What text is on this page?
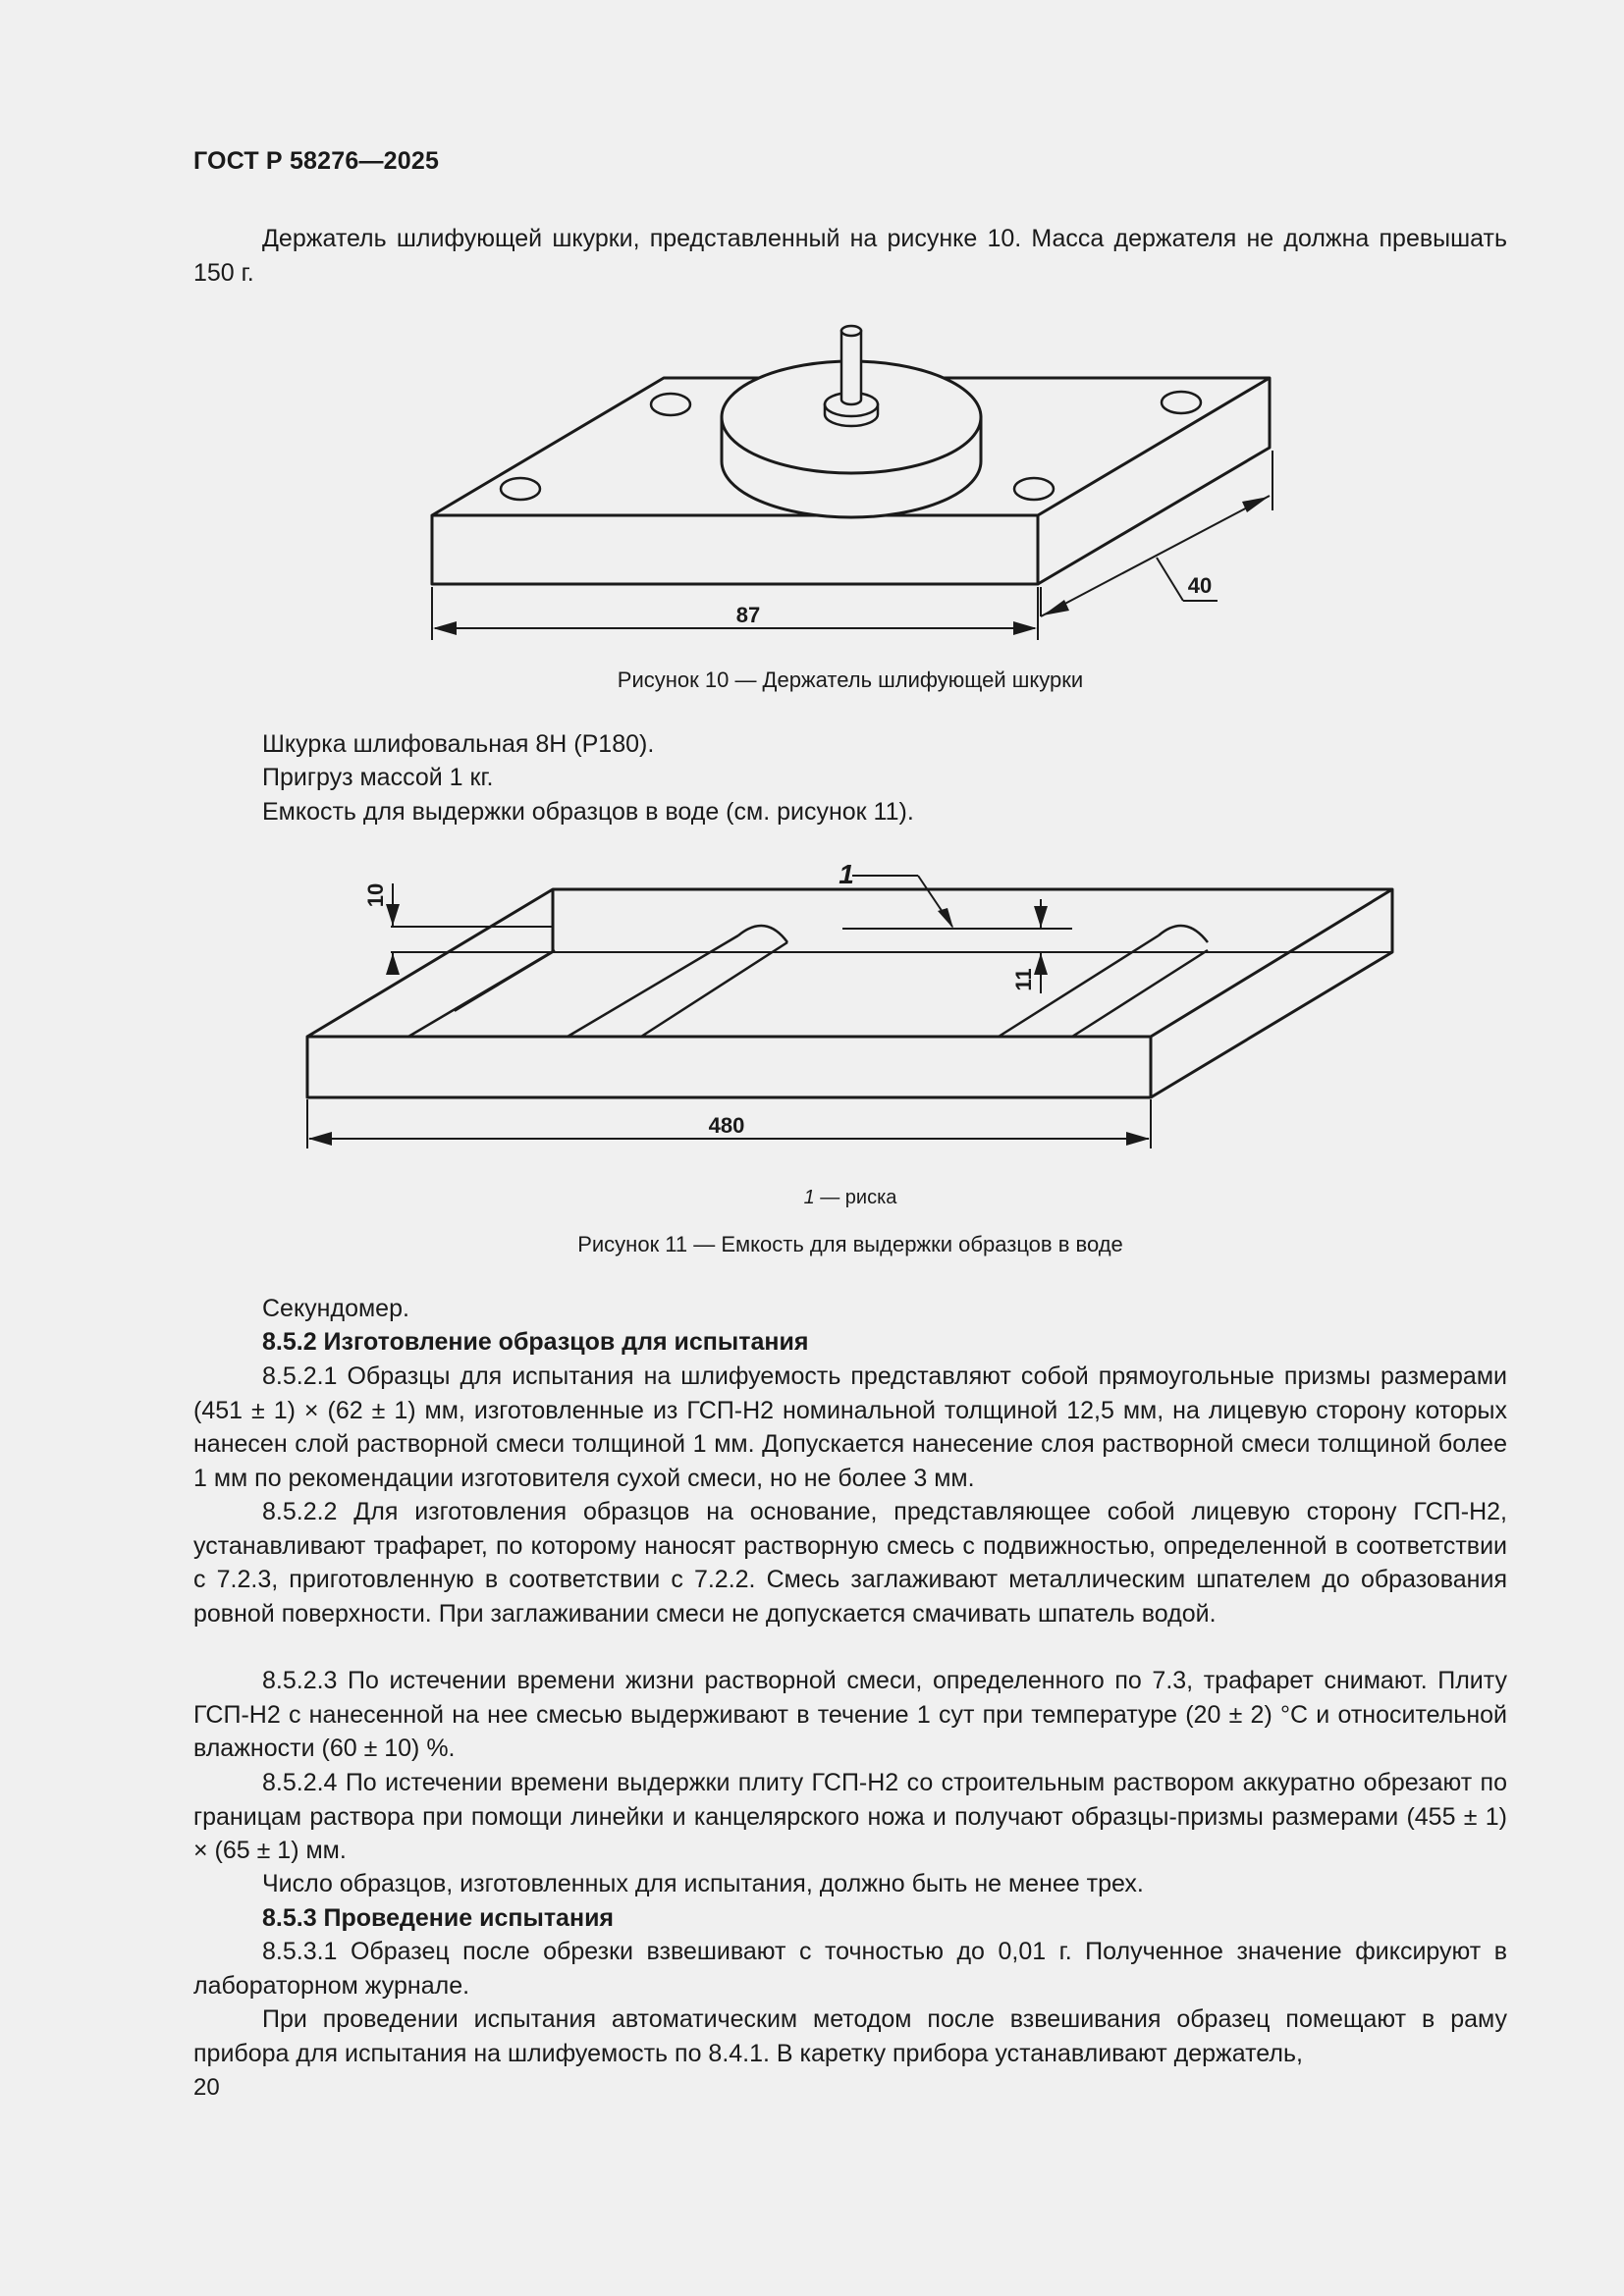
ГОСТ Р 58276—2025

Держатель шлифующей шкурки, представленный на рисунке 10. Масса держателя не должна превышать 150 г.

87
40

Рисунок 10 — Держатель шлифующей шкурки

Шкурка шлифовальная 8Н (Р180).

Пригруз массой 1 кг.

Емкость для выдержки образцов в воде (см. рисунок 11).

10
11
1
480

1 — риска

Рисунок 11 — Емкость для выдержки образцов в воде

Секундомер.

8.5.2 Изготовление образцов для испытания

8.5.2.1 Образцы для испытания на шлифуемость представляют собой прямоугольные призмы размерами (451 ± 1) × (62 ± 1) мм, изготовленные из ГСП-Н2 номинальной толщиной 12,5 мм, на лицевую сторону которых нанесен слой растворной смеси толщиной 1 мм. Допускается нанесение слоя растворной смеси толщиной более 1 мм по рекомендации изготовителя сухой смеси, но не более 3 мм.

8.5.2.2 Для изготовления образцов на основание, представляющее собой лицевую сторону ГСП-Н2, устанавливают трафарет, по которому наносят растворную смесь с подвижностью, определенной в соответствии с 7.2.3, приготовленную в соответствии с 7.2.2. Смесь заглаживают металлическим шпателем до образования ровной поверхности. При заглаживании смеси не допускается смачивать шпатель водой.

8.5.2.3 По истечении времени жизни растворной смеси, определенного по 7.3, трафарет снимают. Плиту ГСП-Н2 с нанесенной на нее смесью выдерживают в течение 1 сут при температуре (20 ± 2) °С и относительной влажности (60 ± 10) %.

8.5.2.4 По истечении времени выдержки плиту ГСП-Н2 со строительным раствором аккуратно обрезают по границам раствора при помощи линейки и канцелярского ножа и получают образцы-призмы размерами (455 ± 1) × (65 ± 1) мм.

Число образцов, изготовленных для испытания, должно быть не менее трех.

8.5.3 Проведение испытания

8.5.3.1 Образец после обрезки взвешивают с точностью до 0,01 г. Полученное значение фиксируют в лабораторном журнале.

При проведении испытания автоматическим методом после взвешивания образец помещают в раму прибора для испытания на шлифуемость по 8.4.1. В каретку прибора устанавливают держатель,

20
